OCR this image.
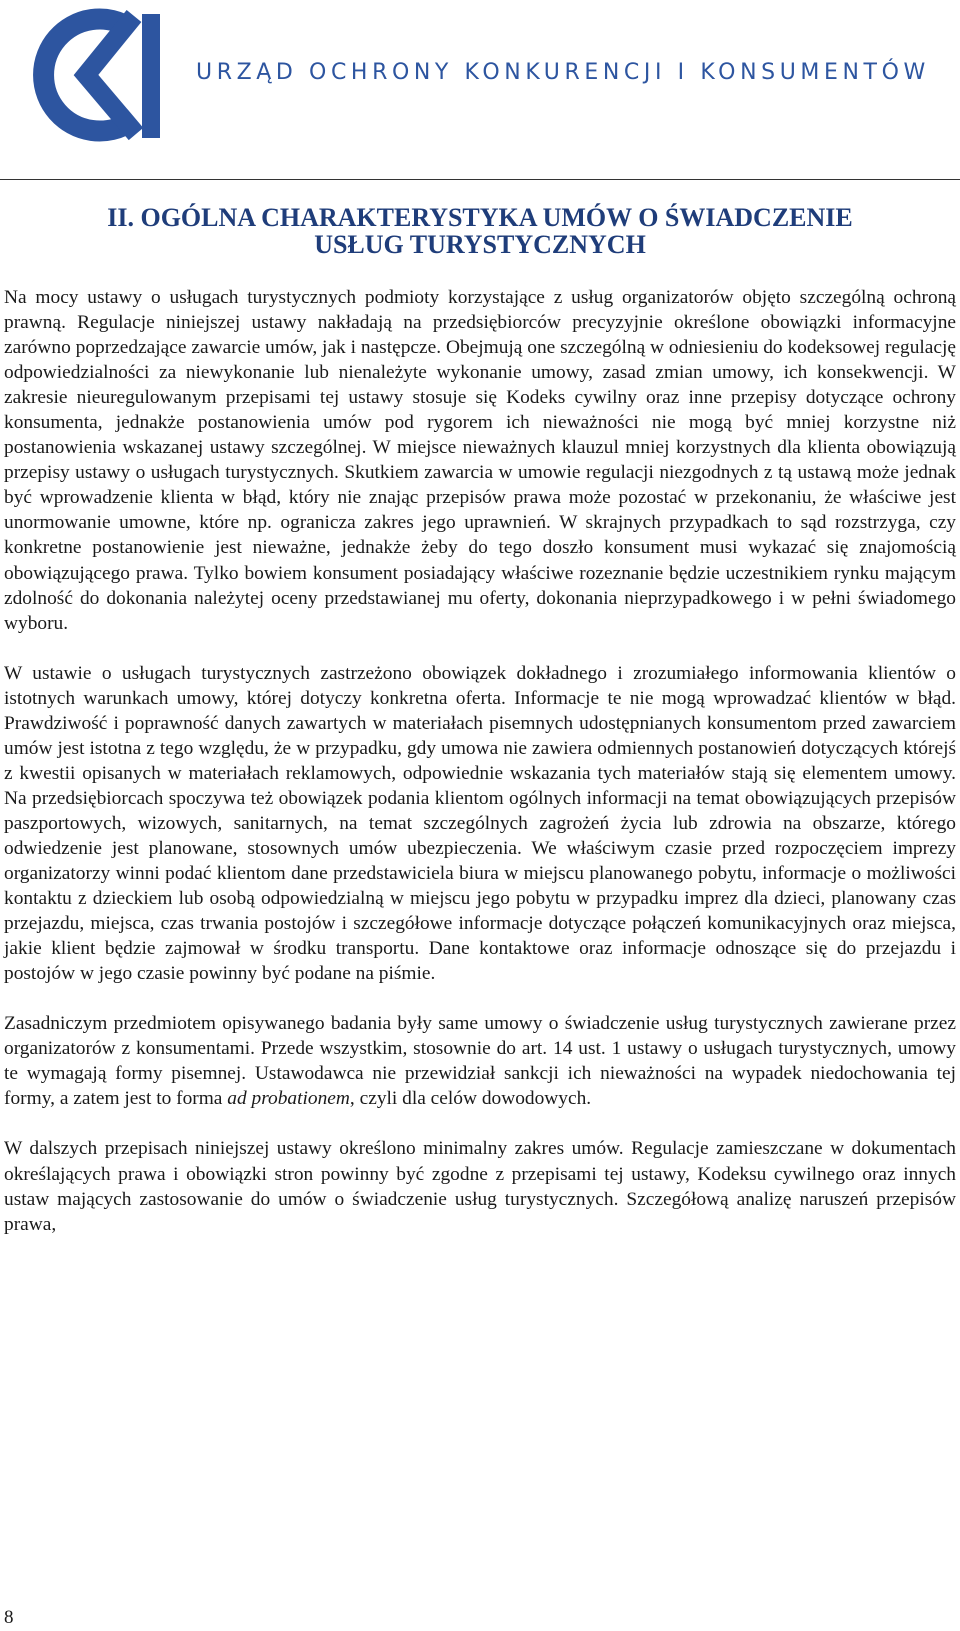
URZĄD OCHRONY KONKURENCJI I KONSUMENTÓW
II. OGÓLNA CHARAKTERYSTYKA UMÓW O ŚWIADCZENIE
USŁUG TURYSTYCZNYCH

Na mocy ustawy o usługach turystycznych podmioty korzystające z usług organizatorów objęto szczególną ochroną prawną. Regulacje niniejszej ustawy nakładają na przedsiębiorców precyzyjnie określone obowiązki informacyjne zarówno poprzedzające zawarcie umów, jak i następcze. Obejmują one szczególną w odniesieniu do kodeksowej regulację odpowiedzialności za niewykonanie lub nienależyte wykonanie umowy, zasad zmian umowy, ich konsekwencji. W zakresie nieuregulowanym przepisami tej ustawy stosuje się Kodeks cywilny oraz inne przepisy dotyczące ochrony konsumenta, jednakże postanowienia umów pod rygorem ich nieważności nie mogą być mniej korzystne niż postanowienia wskazanej ustawy szczególnej. W miejsce nieważnych klauzul mniej korzystnych dla klienta obowiązują przepisy ustawy o usługach turystycznych. Skutkiem zawarcia w umowie regulacji niezgodnych z tą ustawą może jednak być wprowadzenie klienta w błąd, który nie znając przepisów prawa może pozostać w przekonaniu, że właściwe jest unormowanie umowne, które np. ogranicza zakres jego uprawnień. W skrajnych przypadkach to sąd rozstrzyga, czy konkretne postanowienie jest nieważne, jednakże żeby do tego doszło konsument musi wykazać się znajomością obowiązującego prawa. Tylko bowiem konsument posiadający właściwe rozeznanie będzie uczestnikiem rynku mającym zdolność do dokonania należytej oceny przedstawianej mu oferty, dokonania nieprzypadkowego i w pełni świadomego wyboru.

W ustawie o usługach turystycznych zastrzeżono obowiązek dokładnego i zrozumiałego informowania klientów o istotnych warunkach umowy, której dotyczy konkretna oferta. Informacje te nie mogą wprowadzać klientów w błąd. Prawdziwość i poprawność danych zawartych w materiałach pisemnych udostępnianych konsumentom przed zawarciem umów jest istotna z tego względu, że w przypadku, gdy umowa nie zawiera odmiennych postanowień dotyczących którejś z kwestii opisanych w materiałach reklamowych, odpowiednie wskazania tych materiałów stają się elementem umowy. Na przedsiębiorcach spoczywa też obowiązek podania klientom ogólnych informacji na temat obowiązujących przepisów paszportowych, wizowych, sanitarnych, na temat szczególnych zagrożeń życia lub zdrowia na obszarze, którego odwiedzenie jest planowane, stosownych umów ubezpieczenia. We właściwym czasie przed rozpoczęciem imprezy organizatorzy winni podać klientom dane przedstawiciela biura w miejscu planowanego pobytu, informacje o możliwości kontaktu z dzieckiem lub osobą odpowiedzialną w miejscu jego pobytu w przypadku imprez dla dzieci, planowany czas przejazdu, miejsca, czas trwania postojów i szczegółowe informacje dotyczące połączeń komunikacyjnych oraz miejsca, jakie klient będzie zajmował w środku transportu. Dane kontaktowe oraz informacje odnoszące się do przejazdu i postojów w jego czasie powinny być podane na piśmie.

Zasadniczym przedmiotem opisywanego badania były same umowy o świadczenie usług turystycznych zawierane przez organizatorów z konsumentami. Przede wszystkim, stosownie do art. 14 ust. 1 ustawy o usługach turystycznych, umowy te wymagają formy pisemnej. Ustawodawca nie przewidział sankcji ich nieważności na wypadek niedochowania tej formy, a zatem jest to forma ad probationem, czyli dla celów dowodowych.

W dalszych przepisach niniejszej ustawy określono minimalny zakres umów. Regulacje zamieszczane w dokumentach określających prawa i obowiązki stron powinny być zgodne z przepisami tej ustawy, Kodeksu cywilnego oraz innych ustaw mających zastosowanie do umów o świadczenie usług turystycznych. Szczegółową analizę naruszeń przepisów prawa,

8
